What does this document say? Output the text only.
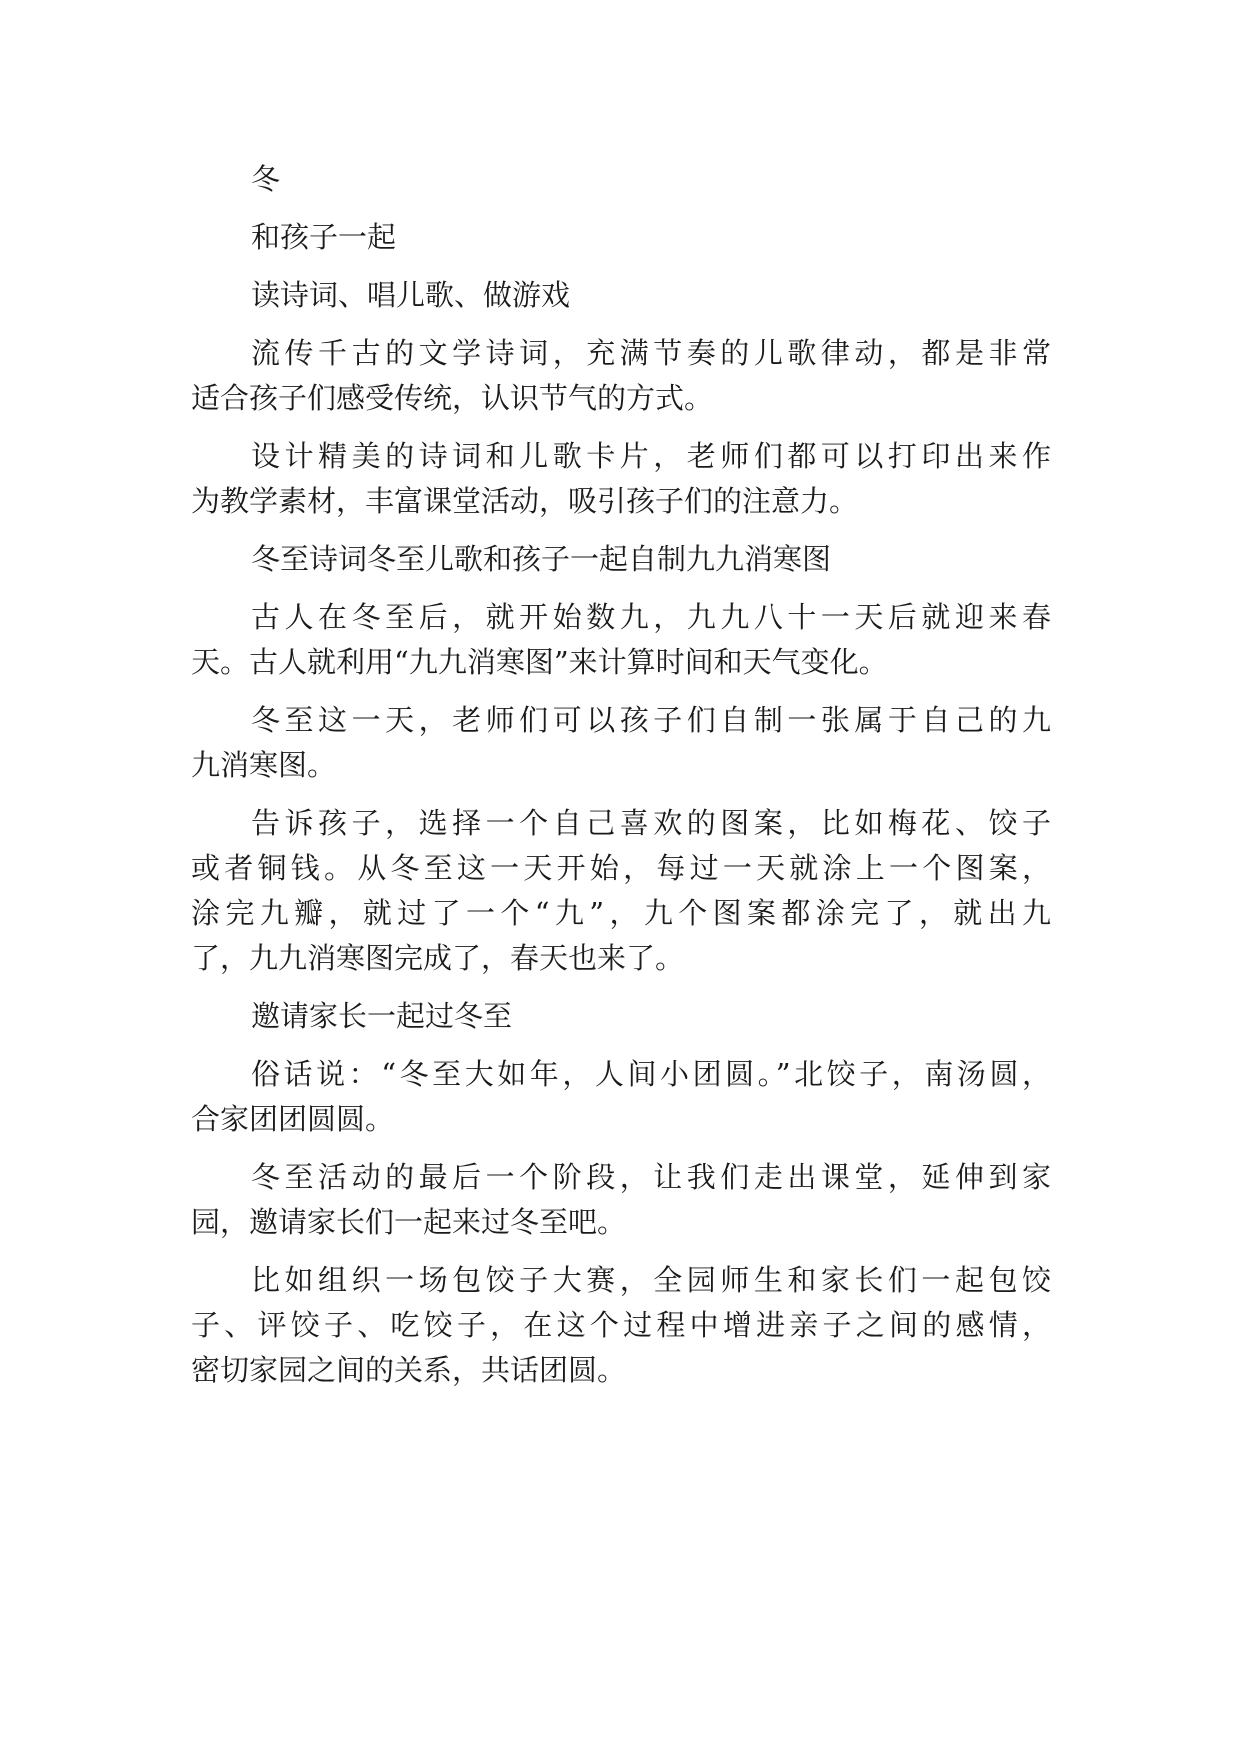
冬
和孩子一起
读诗词、唱儿歌、做游戏
流传千古的文学诗词，充满节奏的儿歌律动，都是非常
适合孩子们感受传统，认识节气的方式。
设计精美的诗词和儿歌卡片，老师们都可以打印出来作
为教学素材，丰富课堂活动，吸引孩子们的注意力。
冬至诗词冬至儿歌和孩子一起自制九九消寒图
古人在冬至后，就开始数九，九九八十一天后就迎来春
天。古人就利用“九九消寒图”来计算时间和天气变化。
冬至这一天，老师们可以孩子们自制一张属于自己的九
九消寒图。
告诉孩子，选择一个自己喜欢的图案，比如梅花、饺子
或者铜钱。从冬至这一天开始，每过一天就涂上一个图案，
涂完九瓣，就过了一个“九”，九个图案都涂完了，就出九
了，九九消寒图完成了，春天也来了。
邀请家长一起过冬至
俗话说：“冬至大如年，人间小团圆。”北饺子，南汤圆，
合家团团圆圆。
冬至活动的最后一个阶段，让我们走出课堂，延伸到家
园，邀请家长们一起来过冬至吧。
比如组织一场包饺子大赛，全园师生和家长们一起包饺
子、评饺子、吃饺子，在这个过程中增进亲子之间的感情，
密切家园之间的关系，共话团圆。
